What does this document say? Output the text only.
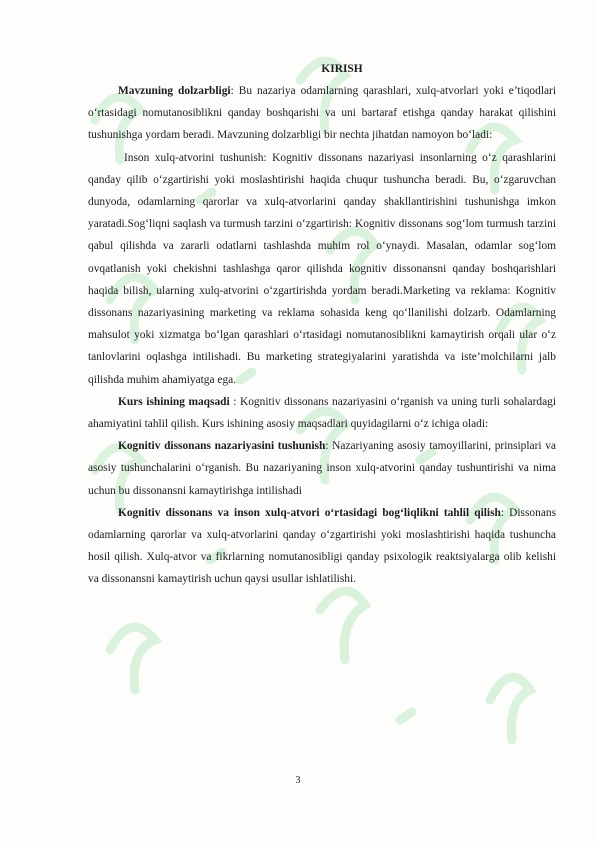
KIRISH

Mavzuning dolzarbligi: Bu nazariya odamlarning qarashlari, xulq-atvorlari yoki e’tiqodlari o‘rtasidagi nomutanosiblikni qanday boshqarishi va uni bartaraf etishga qanday harakat qilishini tushunishga yordam beradi. Mavzuning dolzarbligi bir nechta jihatdan namoyon bo‘ladi:

Inson xulq-atvorini tushunish: Kognitiv dissonans nazariyasi insonlarning o‘z qarashlarini qanday qilib o‘zgartirishi yoki moslashtirishi haqida chuqur tushuncha beradi. Bu, o‘zgaruvchan dunyoda, odamlarning qarorlar va xulq-atvorlarini qanday shakllantirishini tushunishga imkon yaratadi.Sog‘liqni saqlash va turmush tarzini o‘zgartirish: Kognitiv dissonans sog‘lom turmush tarzini qabul qilishda va zararli odatlarni tashlashda muhim rol o‘ynaydi. Masalan, odamlar sog‘lom ovqatlanish yoki chekishni tashlashga qaror qilishda kognitiv dissonansni qanday boshqarishlari haqida bilish, ularning xulq-atvorini o‘zgartirishda yordam beradi.Marketing va reklama: Kognitiv dissonans nazariyasining marketing va reklama sohasida keng qo‘llanilishi dolzarb. Odamlarning mahsulot yoki xizmatga bo‘lgan qarashlari o‘rtasidagi nomutanosiblikni kamaytirish orqali ular o‘z tanlovlarini oqlashga intilishadi. Bu marketing strategiyalarini yaratishda va iste’molchilarni jalb qilishda muhim ahamiyatga ega.

Kurs ishining maqsadi : Kognitiv dissonans nazariyasini o‘rganish va uning turli sohalardagi ahamiyatini tahlil qilish. Kurs ishining asosiy maqsadlari quyidagilarni o‘z ichiga oladi:

Kognitiv dissonans nazariyasini tushunish: Nazariyaning asosiy tamoyillarini, prinsiplari va asosiy tushunchalarini o‘rganish. Bu nazariyaning inson xulq-atvorini qanday tushuntirishi va nima uchun bu dissonansni kamaytirishga intilishadi

Kognitiv dissonans va inson xulq-atvori o‘rtasidagi bog‘liqlikni tahlil qilish: Dissonans odamlarning qarorlar va xulq-atvorlarini qanday o‘zgartirishi yoki moslashtirishi haqida tushuncha hosil qilish. Xulq-atvor va fikrlarning nomutanosibligi qanday psixologik reaktsiyalarga olib kelishi va dissonansni kamaytirish uchun qaysi usullar ishlatilishi.

3
